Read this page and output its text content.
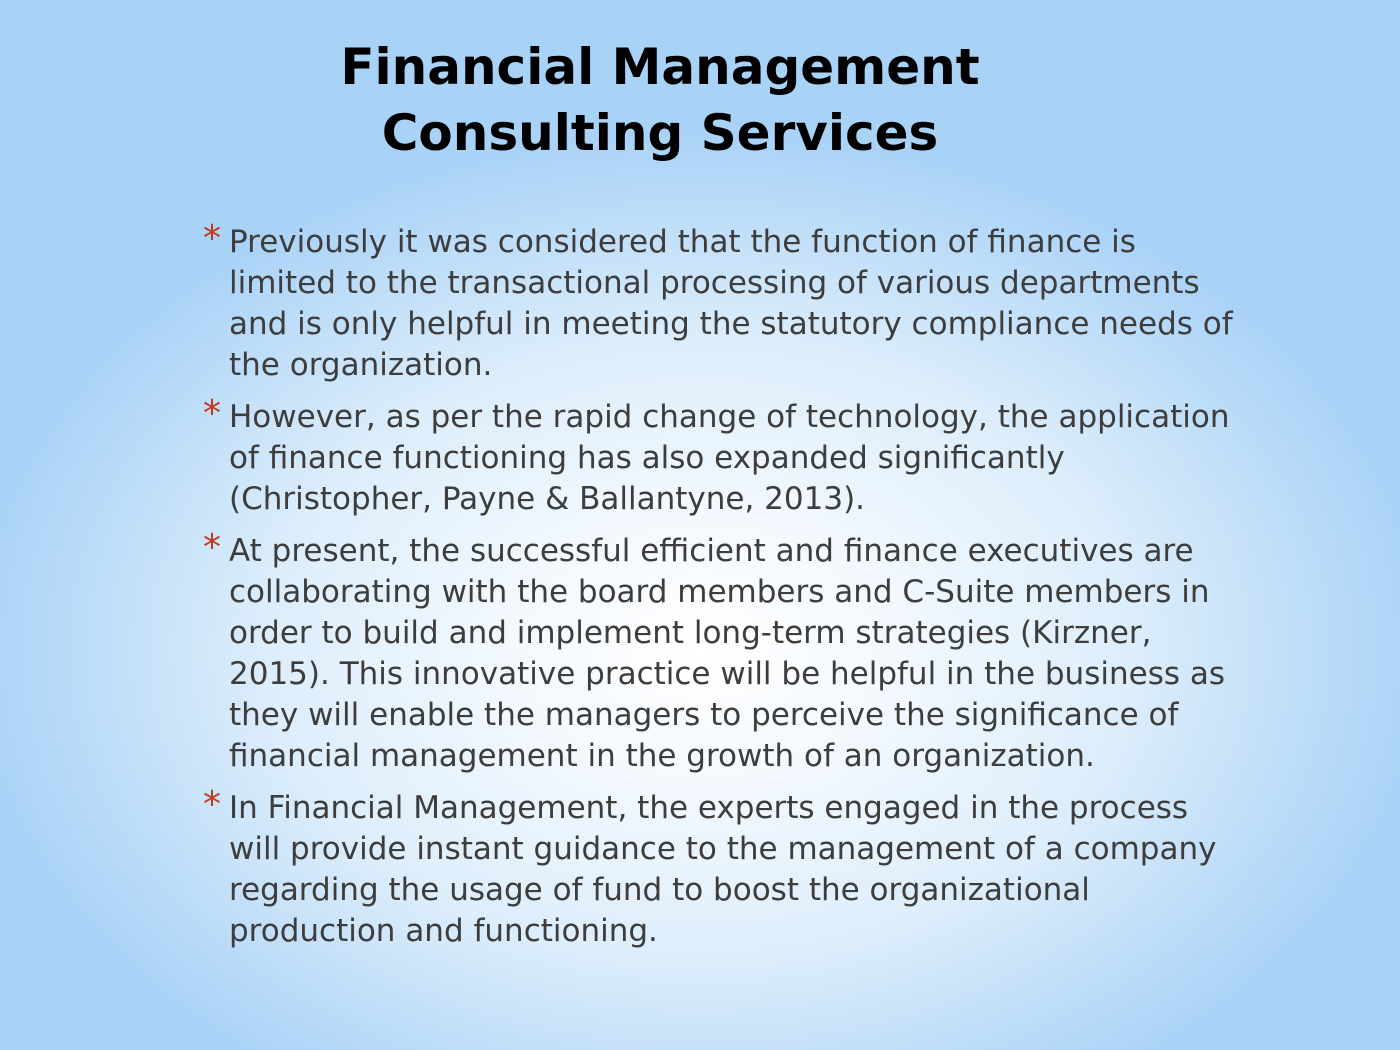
Financial Management
Consulting Services
* Previously it was considered that the function of finance is limited to the transactional processing of various departments and is only helpful in meeting the statutory compliance needs of the organization.
* However, as per the rapid change of technology, the application of finance functioning has also expanded significantly (Christopher, Payne & Ballantyne, 2013).
* At present, the successful efficient and finance executives are collaborating with the board members and C-Suite members in order to build and implement long-term strategies (Kirzner, 2015). This innovative practice will be helpful in the business as they will enable the managers to perceive the significance of financial management in the growth of an organization.
* In Financial Management, the experts engaged in the process will provide instant guidance to the management of a company regarding the usage of fund to boost the organizational production and functioning.
